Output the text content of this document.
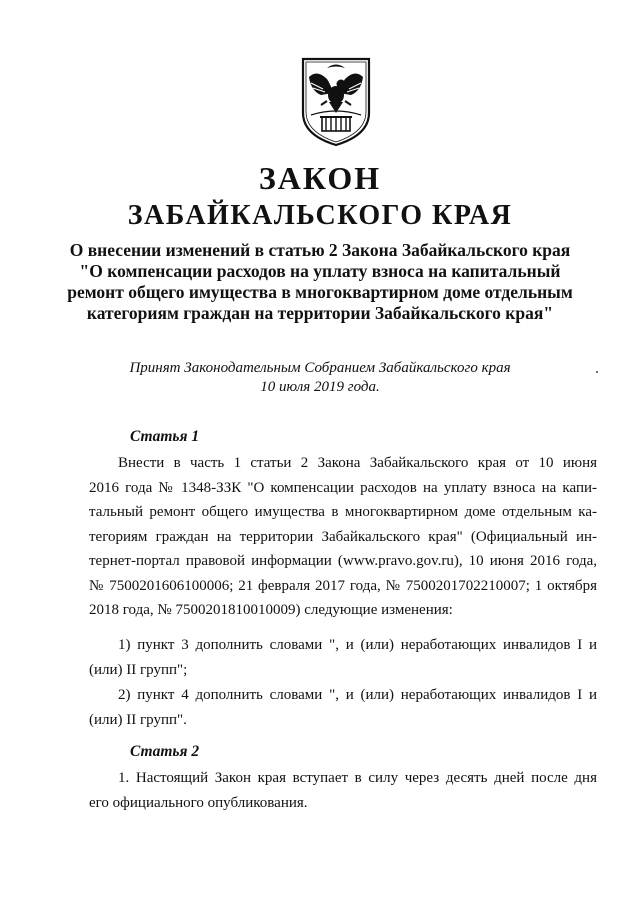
ЗАКОН
ЗАБАЙКАЛЬСКОГО КРАЯ
О внесении изменений в статью 2 Закона Забайкальского края
"О компенсации расходов на уплату взноса на капитальный
ремонт общего имущества в многоквартирном доме отдельным
категориям граждан на территории Забайкальского края"
Принят Законодательным Собранием Забайкальского края
10 июля 2019 года.
Статья 1
Внести в часть 1 статьи 2 Закона Забайкальского края от 10 июня
2016 года № 1348-ЗЗК "О компенсации расходов на уплату взноса на капи-
тальный ремонт общего имущества в многоквартирном доме отдельным ка-
тегориям граждан на территории Забайкальского края" (Официальный ин-
тернет-портал правовой информации (www.pravo.gov.ru), 10 июня 2016 года,
№ 7500201606100006; 21 февраля 2017 года, № 7500201702210007; 1 октября
2018 года, № 7500201810010009) следующие изменения:
1) пункт 3 дополнить словами ", и (или) неработающих инвалидов I и
(или) II групп";
2) пункт 4 дополнить словами ", и (или) неработающих инвалидов I и
(или) II групп".
Статья 2
1. Настоящий Закон края вступает в силу через десять дней после дня
его официального опубликования.
